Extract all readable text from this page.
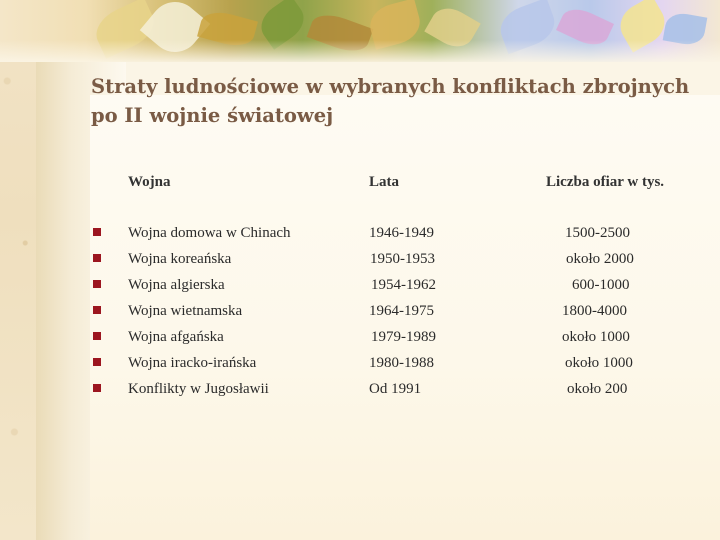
Straty ludnościowe w wybranych konfliktach zbrojnych
po II wojnie światowej
Wojna	Lata	Liczba ofiar w tys.
Wojna domowa w Chinach	1946-1949	1500-2500
Wojna koreańska	1950-1953	około 2000
Wojna algierska	1954-1962	600-1000
Wojna wietnamska	1964-1975	1800-4000
Wojna afgańska	1979-1989	około 1000
Wojna iracko-irańska	1980-1988	około 1000
Konflikty w Jugosławii	Od 1991	około 200
